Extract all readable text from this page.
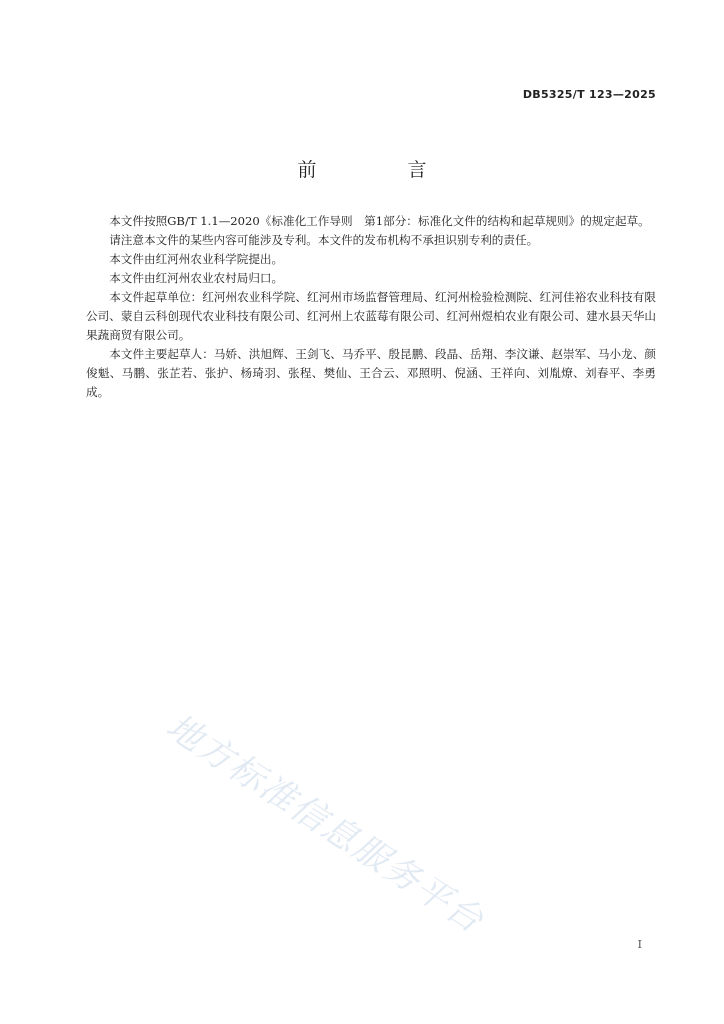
DB5325/T 123—2025
前　言

本文件按照GB/T 1.1—2020《标准化工作导则　第1部分：标准化文件的结构和起草规则》的规定起草。

请注意本文件的某些内容可能涉及专利。本文件的发布机构不承担识别专利的责任。

本文件由红河州农业科学院提出。

本文件由红河州农业农村局归口。

本文件起草单位：红河州农业科学院、红河州市场监督管理局、红河州检验检测院、红河佳裕农业科技有限公司、蒙自云科创现代农业科技有限公司、红河州上农蓝莓有限公司、红河州煜柏农业有限公司、建水县天华山果蔬商贸有限公司。

本文件主要起草人：马娇、洪旭辉、王剑飞、马乔平、殷昆鹏、段晶、岳翔、李汶谦、赵崇军、马小龙、颜俊魁、马鹏、张芷若、张护、杨琦羽、张程、樊仙、王合云、邓照明、倪涵、王祥向、刘胤燎、刘春平、李勇成。

地方标准信息服务平台
I
